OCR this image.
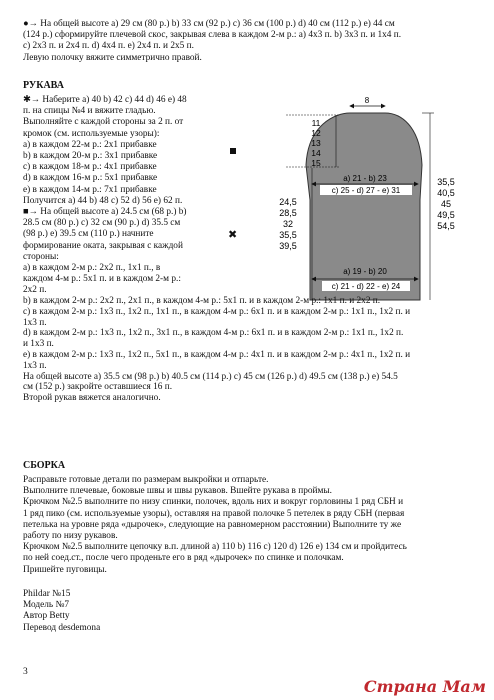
●→ На общей высоте а) 29 см (80 р.) b) 33 см (92 р.) с) 36 см (100 р.) d) 40 см (112 р.) е) 44 см
(124 р.) сформируйте плечевой скос, закрывая слева в каждом 2-м р.: а) 4х3 п. b) 3х3 п. и 1х4 п.
с) 2х3 п. и 2х4 п. d) 4х4 п. е) 2х4 п. и 2х5 п.
Левую полочку вяжите симметрично правой.
РУКАВА
✱→ Наберите а) 40 b) 42 с) 44 d) 46 е) 48
п. на спицы №4 и вяжите гладью.
Выполняйте с каждой стороны за 2 п. от
кромок (см. используемые узоры):
а) в каждом 22-м р.: 2х1 прибавке
b) в каждом 20-м р.: 3х1 прибавке
с) в каждом 18-м р.: 4х1 прибавке
d) в каждом 16-м р.: 5х1 прибавке
е) в каждом 14-м р.: 7х1 прибавке
Получится а) 44 b) 48 с) 52 d) 56 е) 62 п.
■→ На общей высоте а) 24.5 см (68 р.) b)
28.5 см (80 р.) с) 32 см (90 р.) d) 35.5 см
(98 р.) е) 39.5 см (110 р.) начните
формирование оката, закрывая с каждой
стороны:
а) в каждом 2-м р.: 2х2 п., 1х1 п., в
каждом 4-м р.: 5х1 п. и в каждом 2-м р.:
2х2 п.
✖
8
11
12
13
14
15
a) 21 - b) 23
c) 25 - d) 27 - e) 31
24,5
28,5
32
35,5
39,5
35,5
40,5
45
49,5
54,5
a) 19 - b) 20
c) 21 - d) 22 - e) 24
b) в каждом 2-м р.: 2х2 п., 2х1 п., в каждом 4-м р.: 5х1 п. и в каждом 2-м р.: 1х1 п. и 2х2 п.
с) в каждом 2-м р.: 1х3 п., 1х2 п., 1х1 п., в каждом 4-м р.: 6х1 п. и в каждом 2-м р.: 1х1 п., 1х2 п. и
1х3 п.
d) в каждом 2-м р.: 1х3 п., 1х2 п., 3х1 п., в каждом 4-м р.: 6х1 п. и в каждом 2-м р.: 1х1 п., 1х2 п.
и 1х3 п.
е) в каждом 2-м р.: 1х3 п., 1х2 п., 5х1 п., в каждом 4-м р.: 4х1 п. и в каждом 2-м р.: 4х1 п., 1х2 п. и
1х3 п.
На общей высоте а) 35.5 см (98 р.) b) 40.5 см (114 р.) с) 45 см (126 р.) d) 49.5 см (138 р.) е) 54.5
см (152 р.) закройте оставшиеся 16 п.
Второй рукав вяжется аналогично.
СБОРКА
Расправьте готовые детали по размерам выкройки и отпарьте.
Выполните плечевые, боковые швы и швы рукавов. Вшейте рукава в проймы.
Крючком №2.5 выполните по низу спинки, полочек, вдоль них и вокруг горловины 1 ряд СБН и
1 ряд пико (см. используемые узоры), оставляя на правой полочке 5 петелек в ряду СБН (первая
петелька на уровне ряда «дырочек», следующие на равномерном расстоянии) Выполните ту же
работу по низу рукавов.
Крючком №2.5 выполните цепочку в.п. длиной а) 110 b) 116 с) 120 d) 126 е) 134 см и пройдитесь
по ней соед.ст., после чего проденьте его в ряд «дырочек» по спинке и полочкам.
Пришейте пуговицы.
Phildar №15
Модель №7
Автор Betty
Перевод desdemona
3
Страна Мам
